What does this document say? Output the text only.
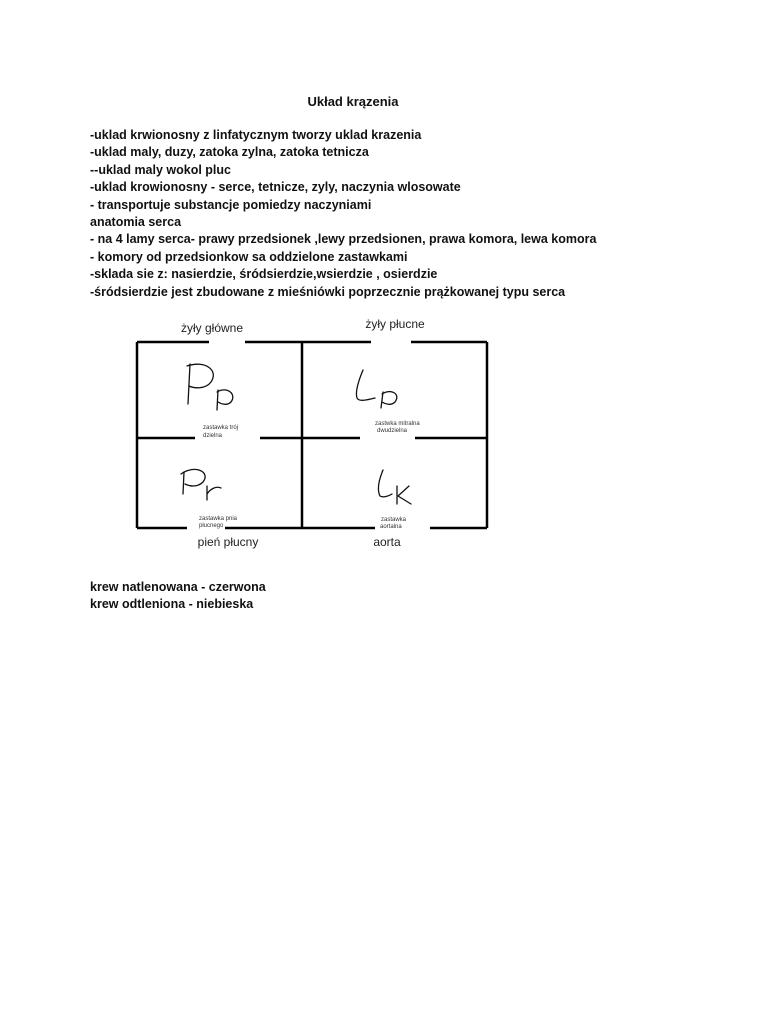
Układ krązenia
-uklad krwionosny z linfatycznym tworzy uklad krazenia
-uklad maly, duzy, zatoka zylna, zatoka tetnicza
--uklad maly wokol pluc
-uklad krowionosny - serce, tetnicze, zyly, naczynia wlosowate
- transportuje substancje pomiedzy naczyniami
anatomia serca
- na 4 lamy serca- prawy przedsionek ,lewy przedsionen, prawa komora, lewa komora
- komory od przedsionkow sa oddzielone zastawkami
-sklada sie z: nasierdzie, śródsierdzie,wsierdzie , osierdzie
-śródsierdzie jest zbudowane z mieśniówki poprzecznie prążkowanej typu serca
żyły główne	żyły płucne
pień płucny	aorta
zastawka trój
dzielna
zastwka mitralna
dwudzielna
zastawka pnia
płucnego
zastawka
aortalna
krew natlenowana - czerwona
krew odtleniona - niebieska
